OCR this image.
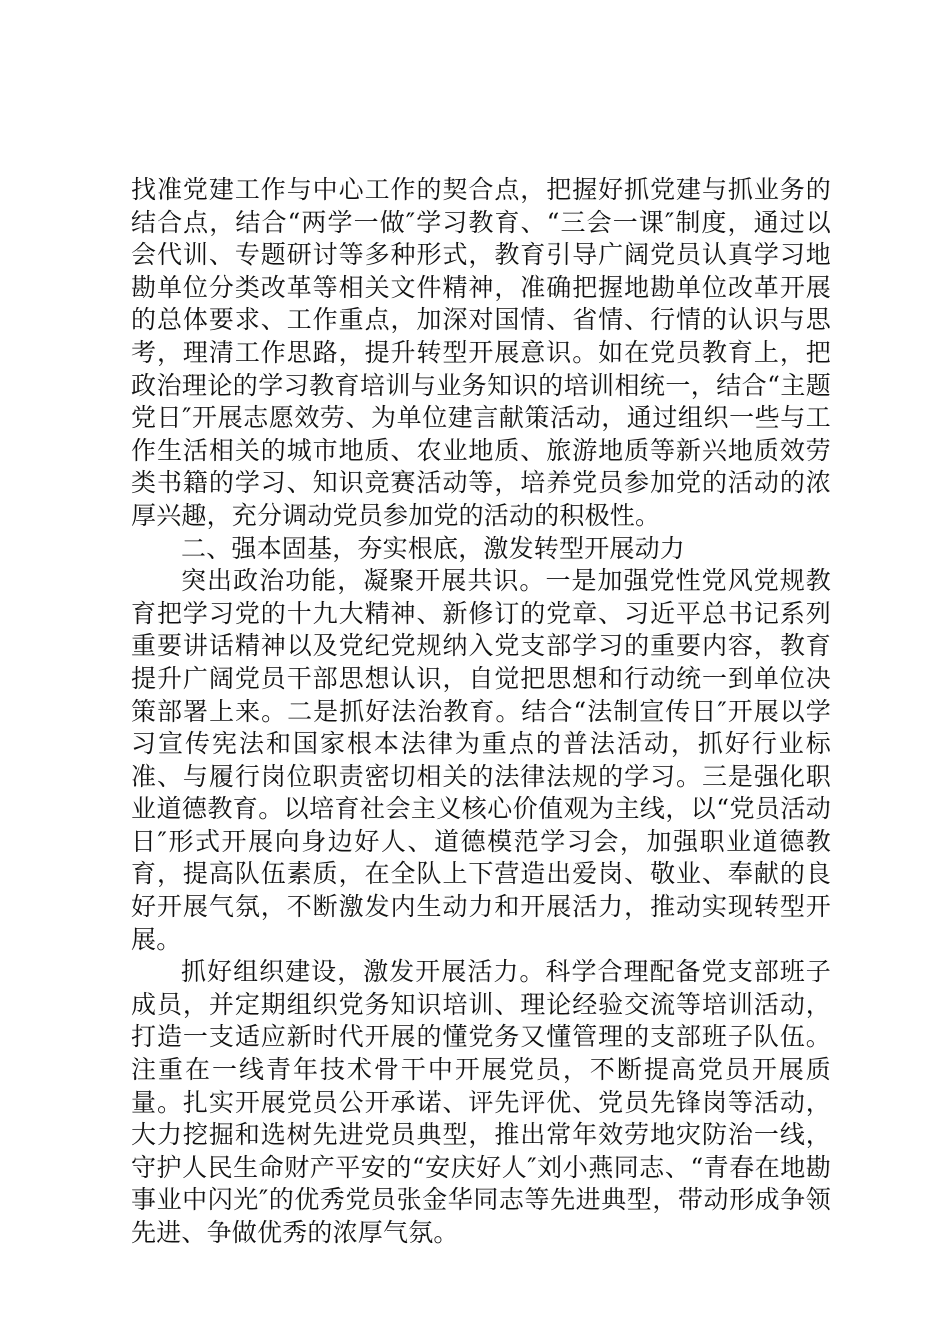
找准党建工作与中心工作的契合点，把握好抓党建与抓业务的结合点，结合“两学一做″学习教育、“三会一课″制度，通过以会代训、专题研讨等多种形式，教育引导广阔党员认真学习地勘单位分类改革等相关文件精神，准确把握地勘单位改革开展的总体要求、工作重点，加深对国情、省情、行情的认识与思考，理清工作思路，提升转型开展意识。如在党员教育上，把政治理论的学习教育培训与业务知识的培训相统一，结合“主题党日″开展志愿效劳、为单位建言献策活动，通过组织一些与工作生活相关的城市地质、农业地质、旅游地质等新兴地质效劳类书籍的学习、知识竞赛活动等，培养党员参加党的活动的浓厚兴趣，充分调动党员参加党的活动的积极性。

二、强本固基，夯实根底，激发转型开展动力

突出政治功能，凝聚开展共识。一是加强党性党风党规教育把学习党的十九大精神、新修订的党章、习近平总书记系列重要讲话精神以及党纪党规纳入党支部学习的重要内容，教育提升广阔党员干部思想认识，自觉把思想和行动统一到单位决策部署上来。二是抓好法治教育。结合“法制宣传日″开展以学习宣传宪法和国家根本法律为重点的普法活动，抓好行业标准、与履行岗位职责密切相关的法律法规的学习。三是强化职业道德教育。以培育社会主义核心价值观为主线，以“党员活动日″形式开展向身边好人、道德模范学习会，加强职业道德教育，提高队伍素质，在全队上下营造出爱岗、敬业、奉献的良好开展气氛，不断激发内生动力和开展活力，推动实现转型开展。

抓好组织建设，激发开展活力。科学合理配备党支部班子成员，并定期组织党务知识培训、理论经验交流等培训活动，打造一支适应新时代开展的懂党务又懂管理的支部班子队伍。注重在一线青年技术骨干中开展党员，不断提高党员开展质量。扎实开展党员公开承诺、评先评优、党员先锋岗等活动，大力挖掘和选树先进党员典型，推出常年效劳地灾防治一线，守护人民生命财产平安的“安庆好人″刘小燕同志、“青春在地勘事业中闪光″的优秀党员张金华同志等先进典型，带动形成争领先进、争做优秀的浓厚气氛。
